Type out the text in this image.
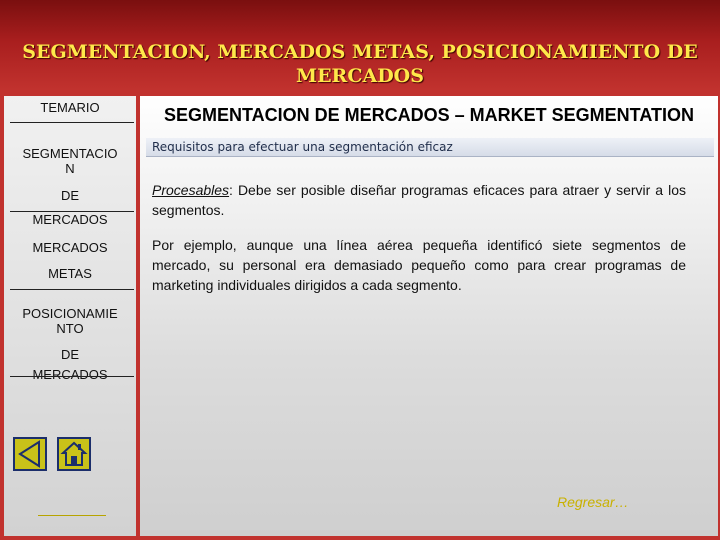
SEGMENTACION, MERCADOS METAS, POSICIONAMIENTO DE MERCADOS
TEMARIO
SEGMENTACIO
N
DE
MERCADOS
MERCADOS
METAS
POSICIONAMIE
NTO
DE
MERCADOS
SEGMENTACION DE MERCADOS – MARKET SEGMENTATION
Requisitos para efectuar una segmentación eficaz
Procesables: Debe ser posible diseñar programas eficaces para atraer y servir a los segmentos.
Por ejemplo, aunque una línea aérea pequeña identificó siete segmentos de mercado, su personal era demasiado pequeño como para crear programas de marketing individuales dirigidos a cada segmento.
Regresar…
